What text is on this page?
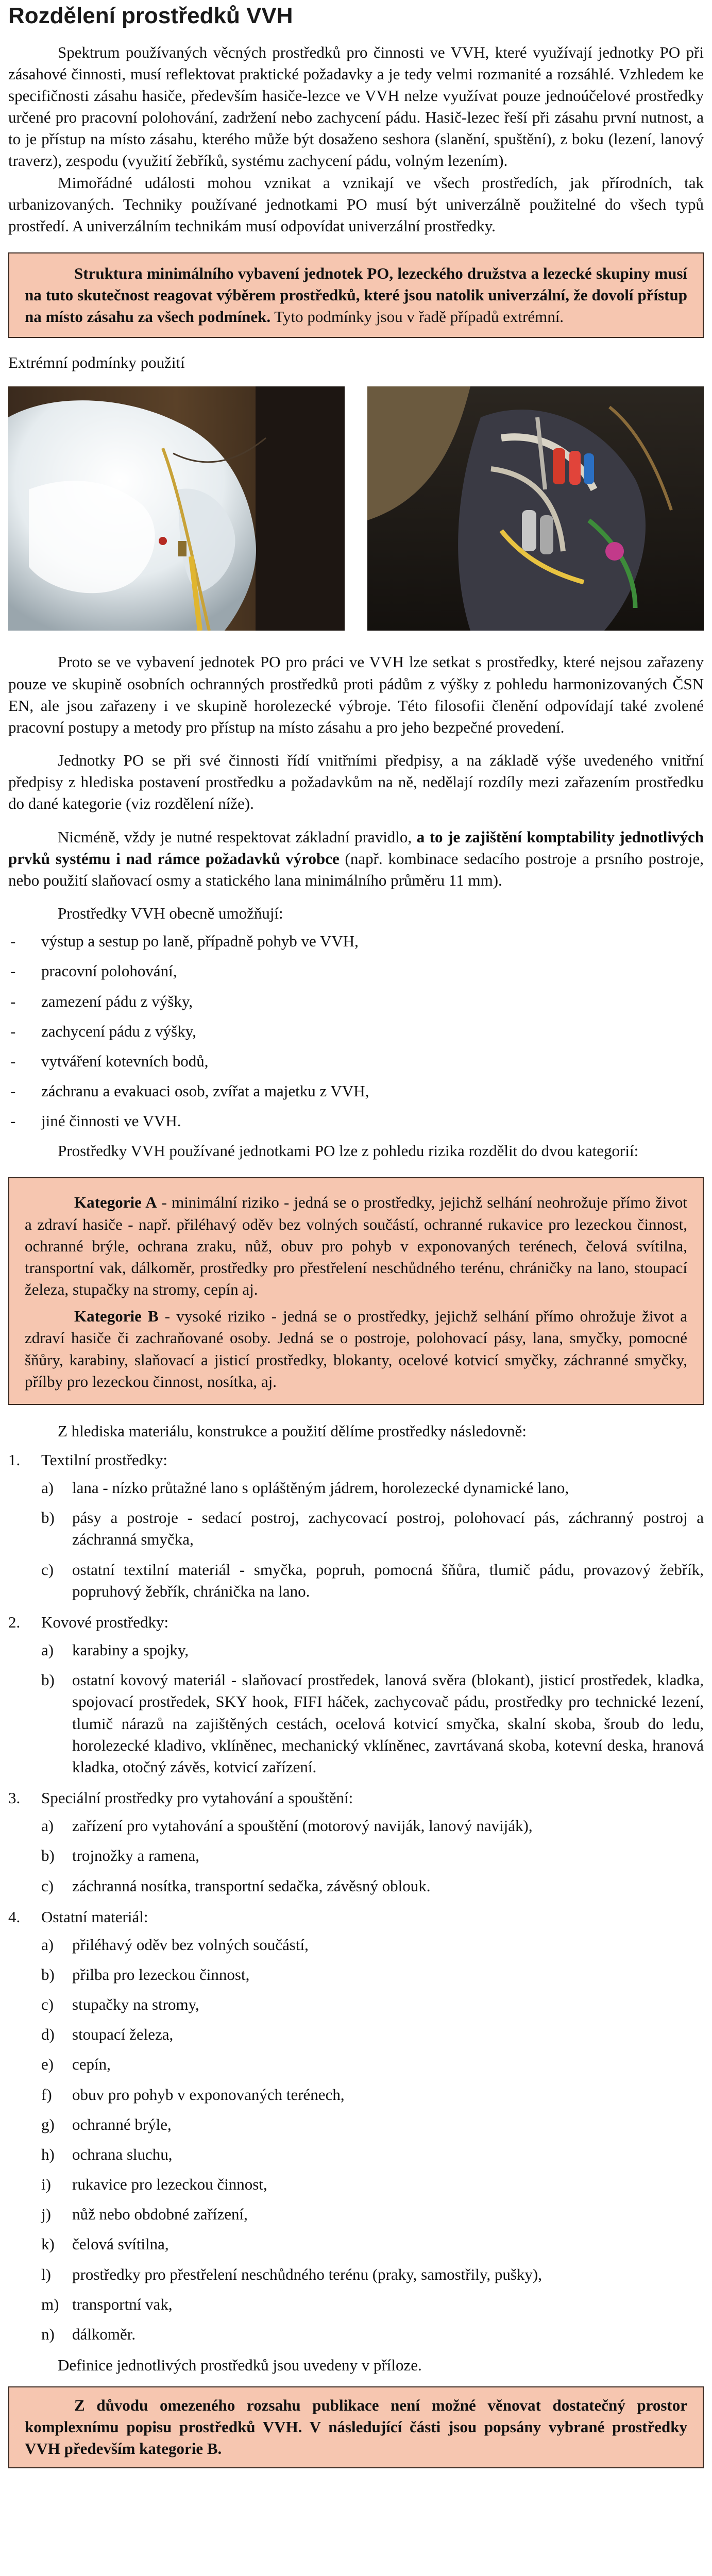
Rozdělení prostředků VVH

Spektrum používaných věcných prostředků pro činnosti ve VVH, které využívají jednotky PO při zásahové činnosti, musí reflektovat praktické požadavky a je tedy velmi rozmanité a rozsáhlé. Vzhledem ke specifičnosti zásahu hasiče, především hasiče-lezce ve VVH nelze využívat pouze jednoúčelové prostředky určené pro pracovní polohování, zadržení nebo zachycení pádu. Hasič-lezec řeší při zásahu první nutnost, a to je přístup na místo zásahu, kterého může být dosaženo seshora (slanění, spuštění), z boku (lezení, lanový traverz), zespodu (využití žebříků, systému zachycení pádu, volným lezením).

Mimořádné události mohou vznikat a vznikají ve všech prostředích, jak přírodních, tak urbanizovaných. Techniky používané jednotkami PO musí být univerzálně použitelné do všech typů prostředí. A univerzálním technikám musí odpovídat univerzální prostředky.

Struktura minimálního vybavení jednotek PO, lezeckého družstva a lezecké skupiny musí na tuto skutečnost reagovat výběrem prostředků, které jsou natolik univerzální, že dovolí přístup na místo zásahu za všech podmínek. Tyto podmínky jsou v řadě případů extrémní.

Extrémní podmínky použití

Proto se ve vybavení jednotek PO pro práci ve VVH lze setkat s prostředky, které nejsou zařazeny pouze ve skupině osobních ochranných prostředků proti pádům z výšky z pohledu harmonizovaných ČSN EN, ale jsou zařazeny i ve skupině horolezecké výbroje. Této filosofii členění odpovídají také zvolené pracovní postupy a metody pro přístup na místo zásahu a pro jeho bezpečné provedení.

Jednotky PO se při své činnosti řídí vnitřními předpisy, a na základě výše uvedeného vnitřní předpisy z hlediska postavení prostředku a požadavkům na ně, nedělají rozdíly mezi zařazením prostředku do dané kategorie (viz rozdělení níže).

Nicméně, vždy je nutné respektovat základní pravidlo, a to je zajištění komptability jednotlivých prvků systému i nad rámce požadavků výrobce (např. kombinace sedacího postroje a prsního postroje, nebo použití slaňovací osmy a statického lana minimálního průměru 11 mm).

Prostředky VVH obecně umožňují:

- výstup a sestup po laně, případně pohyb ve VVH,
- pracovní polohování,
- zamezení pádu z výšky,
- zachycení pádu z výšky,
- vytváření kotevních bodů,
- záchranu a evakuaci osob, zvířat a majetku z VVH,
- jiné činnosti ve VVH.

Prostředky VVH používané jednotkami PO lze z pohledu rizika rozdělit do dvou kategorií:

Kategorie A - minimální riziko - jedná se o prostředky, jejichž selhání neohrožuje přímo život a zdraví hasiče - např. přiléhavý oděv bez volných součástí, ochranné rukavice pro lezeckou činnost, ochranné brýle, ochrana zraku, nůž, obuv pro pohyb v exponovaných terénech, čelová svítilna, transportní vak, dálkoměr, prostředky pro přestřelení neschůdného terénu, chráničky na lano, stoupací železa, stupačky na stromy, cepín aj.

Kategorie B - vysoké riziko - jedná se o prostředky, jejichž selhání přímo ohrožuje život a zdraví hasiče či zachraňované osoby. Jedná se o postroje, polohovací pásy, lana, smyčky, pomocné šňůry, karabiny, slaňovací a jisticí prostředky, blokanty, ocelové kotvicí smyčky, záchranné smyčky, přílby pro lezeckou činnost, nosítka, aj.

Z hlediska materiálu, konstrukce a použití dělíme prostředky následovně:

1. Textilní prostředky:
a) lana - nízko průtažné lano s opláštěným jádrem, horolezecké dynamické lano,
b) pásy a postroje - sedací postroj, zachycovací postroj, polohovací pás, záchranný postroj a záchranná smyčka,
c) ostatní textilní materiál - smyčka, popruh, pomocná šňůra, tlumič pádu, provazový žebřík, popruhový žebřík, chránička na lano.
2. Kovové prostředky:
a) karabiny a spojky,
b) ostatní kovový materiál - slaňovací prostředek, lanová svěra (blokant), jisticí prostředek, kladka, spojovací prostředek, SKY hook, FIFI háček, zachycovač pádu, prostředky pro technické lezení, tlumič nárazů na zajištěných cestách, ocelová kotvicí smyčka, skalní skoba, šroub do ledu, horolezecké kladivo, vklíněnec, mechanický vklíněnec, zavrtávaná skoba, kotevní deska, hranová kladka, otočný závěs, kotvicí zařízení.
3. Speciální prostředky pro vytahování a spouštění:
a) zařízení pro vytahování a spouštění (motorový naviják, lanový naviják),
b) trojnožky a ramena,
c) záchranná nosítka, transportní sedačka, závěsný oblouk.
4. Ostatní materiál:
a) přiléhavý oděv bez volných součástí,
b) přilba pro lezeckou činnost,
c) stupačky na stromy,
d) stoupací železa,
e) cepín,
f) obuv pro pohyb v exponovaných terénech,
g) ochranné brýle,
h) ochrana sluchu,
i) rukavice pro lezeckou činnost,
j) nůž nebo obdobné zařízení,
k) čelová svítilna,
l) prostředky pro přestřelení neschůdného terénu (praky, samostřily, pušky),
m) transportní vak,
n) dálkoměr.

Definice jednotlivých prostředků jsou uvedeny v příloze.

Z důvodu omezeného rozsahu publikace není možné věnovat dostatečný prostor komplexnímu popisu prostředků VVH. V následující části jsou popsány vybrané prostředky VVH především kategorie B.
